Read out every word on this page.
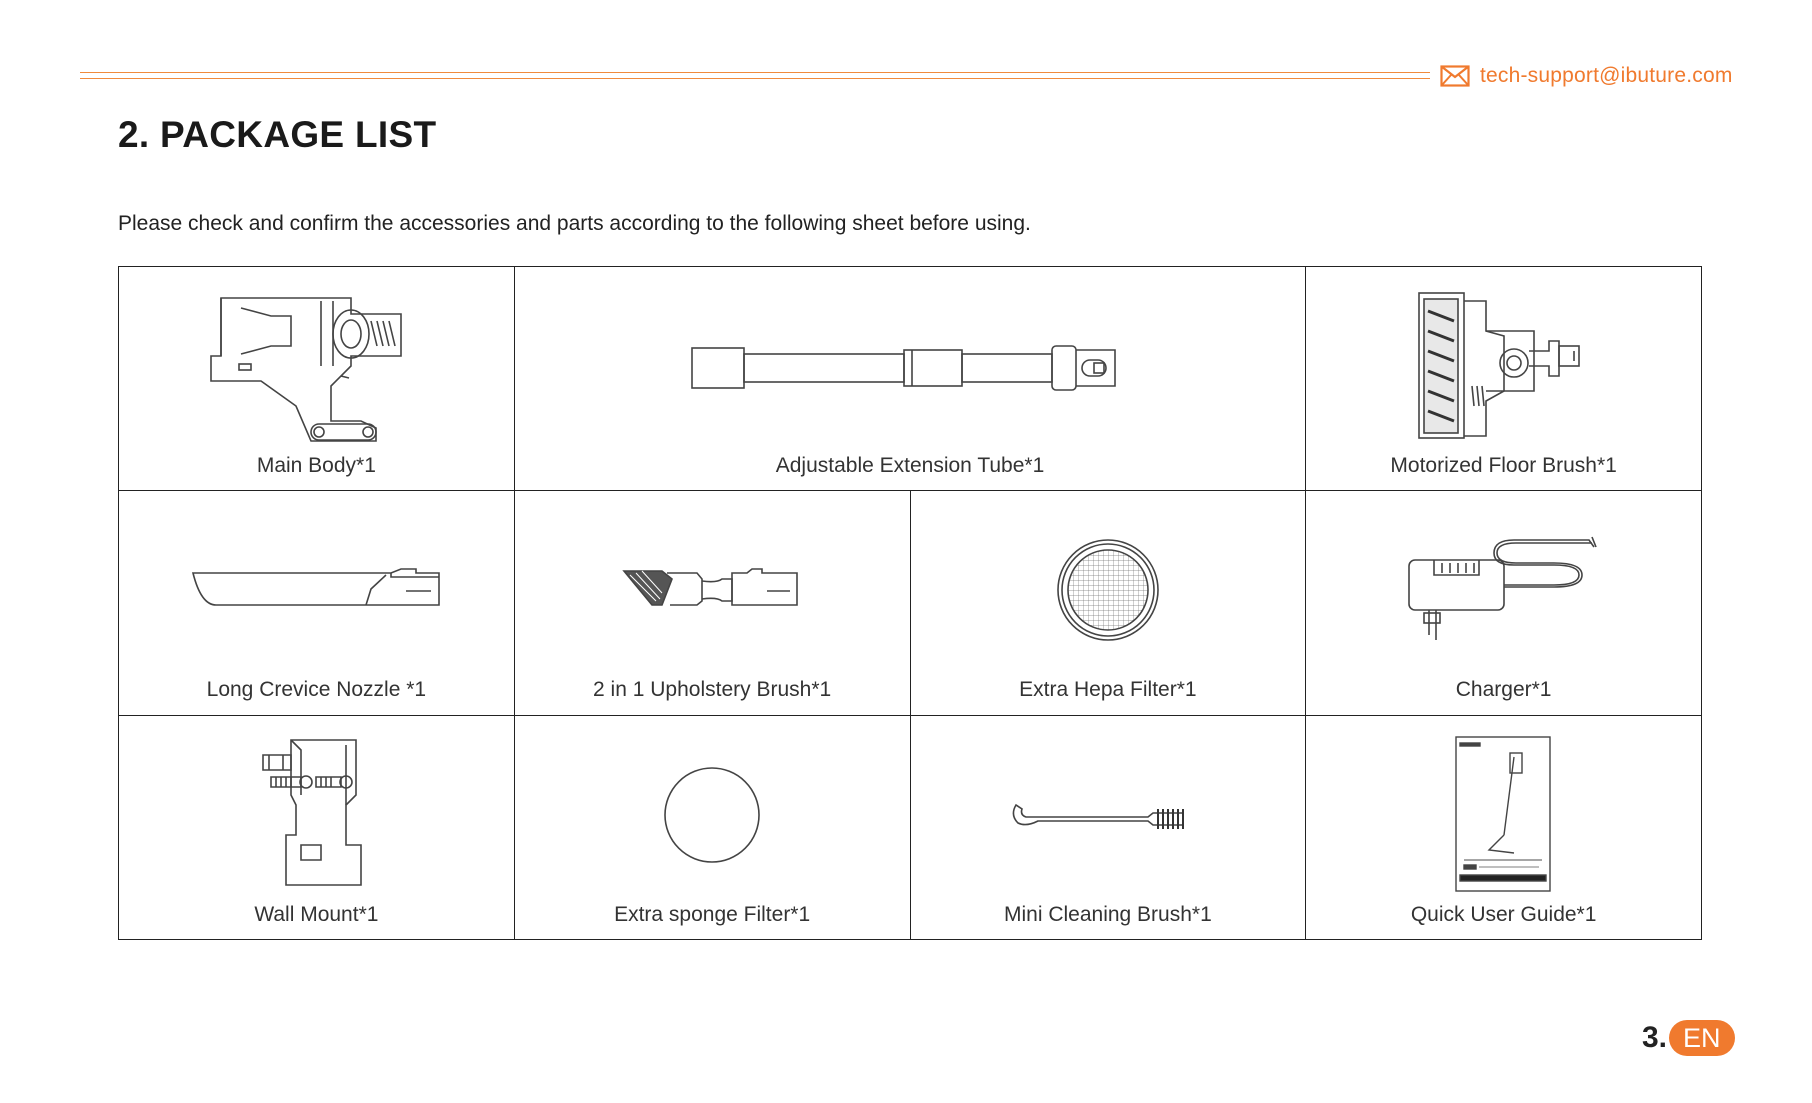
tech-support@ibuture.com
2. PACKAGE LIST
Please check and confirm the accessories and parts according to the following sheet before using.
Main Body*1	Adjustable Extension Tube*1		Motorized Floor Brush*1

Long Crevice Nozzle *1	2 in 1 Upholstery Brush*1	Extra Hepa Filter*1	Charger*1

Wall Mount*1	Extra sponge Filter*1	Mini Cleaning Brush*1	Quick User Guide*1
3. EN
